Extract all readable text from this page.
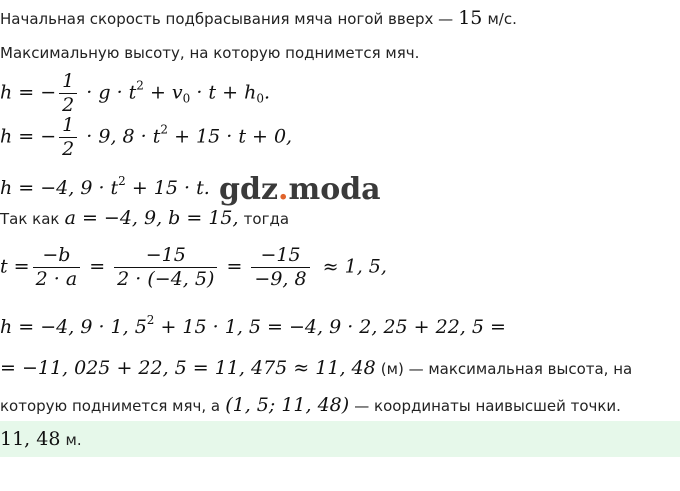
Начальная скорость подбрасывания мяча ногой вверх — 15 м/с.
Максимальную высоту, на которую поднимется мяч.
h = − $\frac{1}{2} \cdot g \cdot t^2 + v_0 \cdot t + h_0$.
h = − $\frac{1}{2} \cdot 9$, $8 \cdot t^2 + 15 \cdot t + 0$,
h = −4, $9 \cdot t^2 + 15 \cdot t$. gdz.moda
Так как a = −4, 9, b = 15, тогда
$t = \frac{-b}{2 \cdot a} = \frac{-15}{2 \cdot (-4, 5)} = \frac{-15}{-9, 8} \approx 1$, 5,
h = −4, 9 · 1, $5^2 + 15 \cdot 1$, 5 = −4, 9 · 2, 25 + 22, 5 =
= −11, 025 + 22, 5 = 11, 475 ≈ 11, 48 (м) — максимальная высота, на
которую поднимется мяч, а (1, 5; 11, 48) — координаты наивысшей точки.
11, 48 м.
